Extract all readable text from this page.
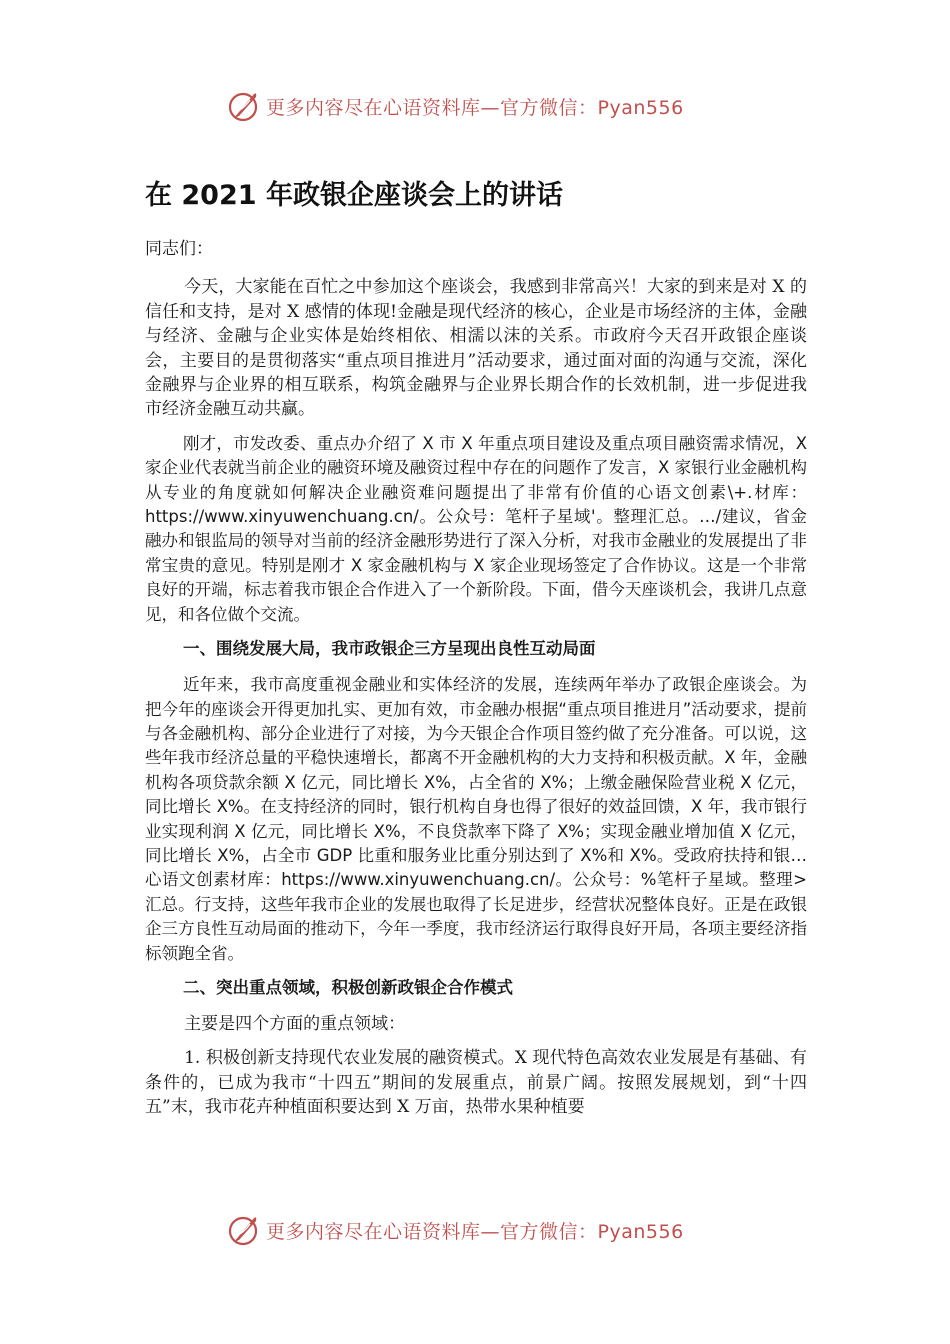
更多内容尽在心语资料库—官方微信：Pyan556
在 2021 年政银企座谈会上的讲话

同志们：

今天，大家能在百忙之中参加这个座谈会，我感到非常高兴！大家的到来是对 X 的信任和支持，是对 X 感情的体现!金融是现代经济的核心，企业是市场经济的主体，金融与经济、金融与企业实体是始终相依、相濡以沫的关系。市政府今天召开政银企座谈会，主要目的是贯彻落实“重点项目推进月”活动要求，通过面对面的沟通与交流，深化金融界与企业界的相互联系，构筑金融界与企业界长期合作的长效机制，进一步促进我市经济金融互动共赢。

刚才，市发改委、重点办介绍了 X 市 X 年重点项目建设及重点项目融资需求情况，X 家企业代表就当前企业的融资环境及融资过程中存在的问题作了发言，X 家银行业金融机构从专业的角度就如何解决企业融资难问题提出了非常有价值的心语文创素\+.材库：https://www.xinyuwenchuang.cn/。公众号：笔杆子星域'。整理汇总。…/建议，省金融办和银监局的领导对当前的经济金融形势进行了深入分析，对我市金融业的发展提出了非常宝贵的意见。特别是刚才 X 家金融机构与 X 家企业现场签定了合作协议。这是一个非常良好的开端，标志着我市银企合作进入了一个新阶段。下面，借今天座谈机会，我讲几点意见，和各位做个交流。

一、围绕发展大局，我市政银企三方呈现出良性互动局面

近年来，我市高度重视金融业和实体经济的发展，连续两年举办了政银企座谈会。为把今年的座谈会开得更加扎实、更加有效，市金融办根据“重点项目推进月”活动要求，提前与各金融机构、部分企业进行了对接，为今天银企合作项目签约做了充分准备。可以说，这些年我市经济总量的平稳快速增长，都离不开金融机构的大力支持和积极贡献。X 年，金融机构各项贷款余额 X 亿元，同比增长 X%，占全省的 X%；上缴金融保险营业税 X 亿元，同比增长 X%。在支持经济的同时，银行机构自身也得了很好的效益回馈，X 年，我市银行业实现利润 X 亿元，同比增长 X%，不良贷款率下降了 X%；实现金融业增加值 X 亿元，同比增长 X%，占全市 GDP 比重和服务业比重分别达到了 X%和 X%。受政府扶持和银…心语文创素材库：https://www.xinyuwenchuang.cn/。公众号：%笔杆子星域。整理>汇总。行支持，这些年我市企业的发展也取得了长足进步，经营状况整体良好。正是在政银企三方良性互动局面的推动下，今年一季度，我市经济运行取得良好开局，各项主要经济指标领跑全省。

二、突出重点领域，积极创新政银企合作模式

主要是四个方面的重点领域：

1. 积极创新支持现代农业发展的融资模式。X 现代特色高效农业发展是有基础、有条件的，已成为我市“十四五”期间的发展重点，前景广阔。按照发展规划，到“十四五”末，我市花卉种植面积要达到 X 万亩，热带水果种植要

更多内容尽在心语资料库—官方微信：Pyan556
